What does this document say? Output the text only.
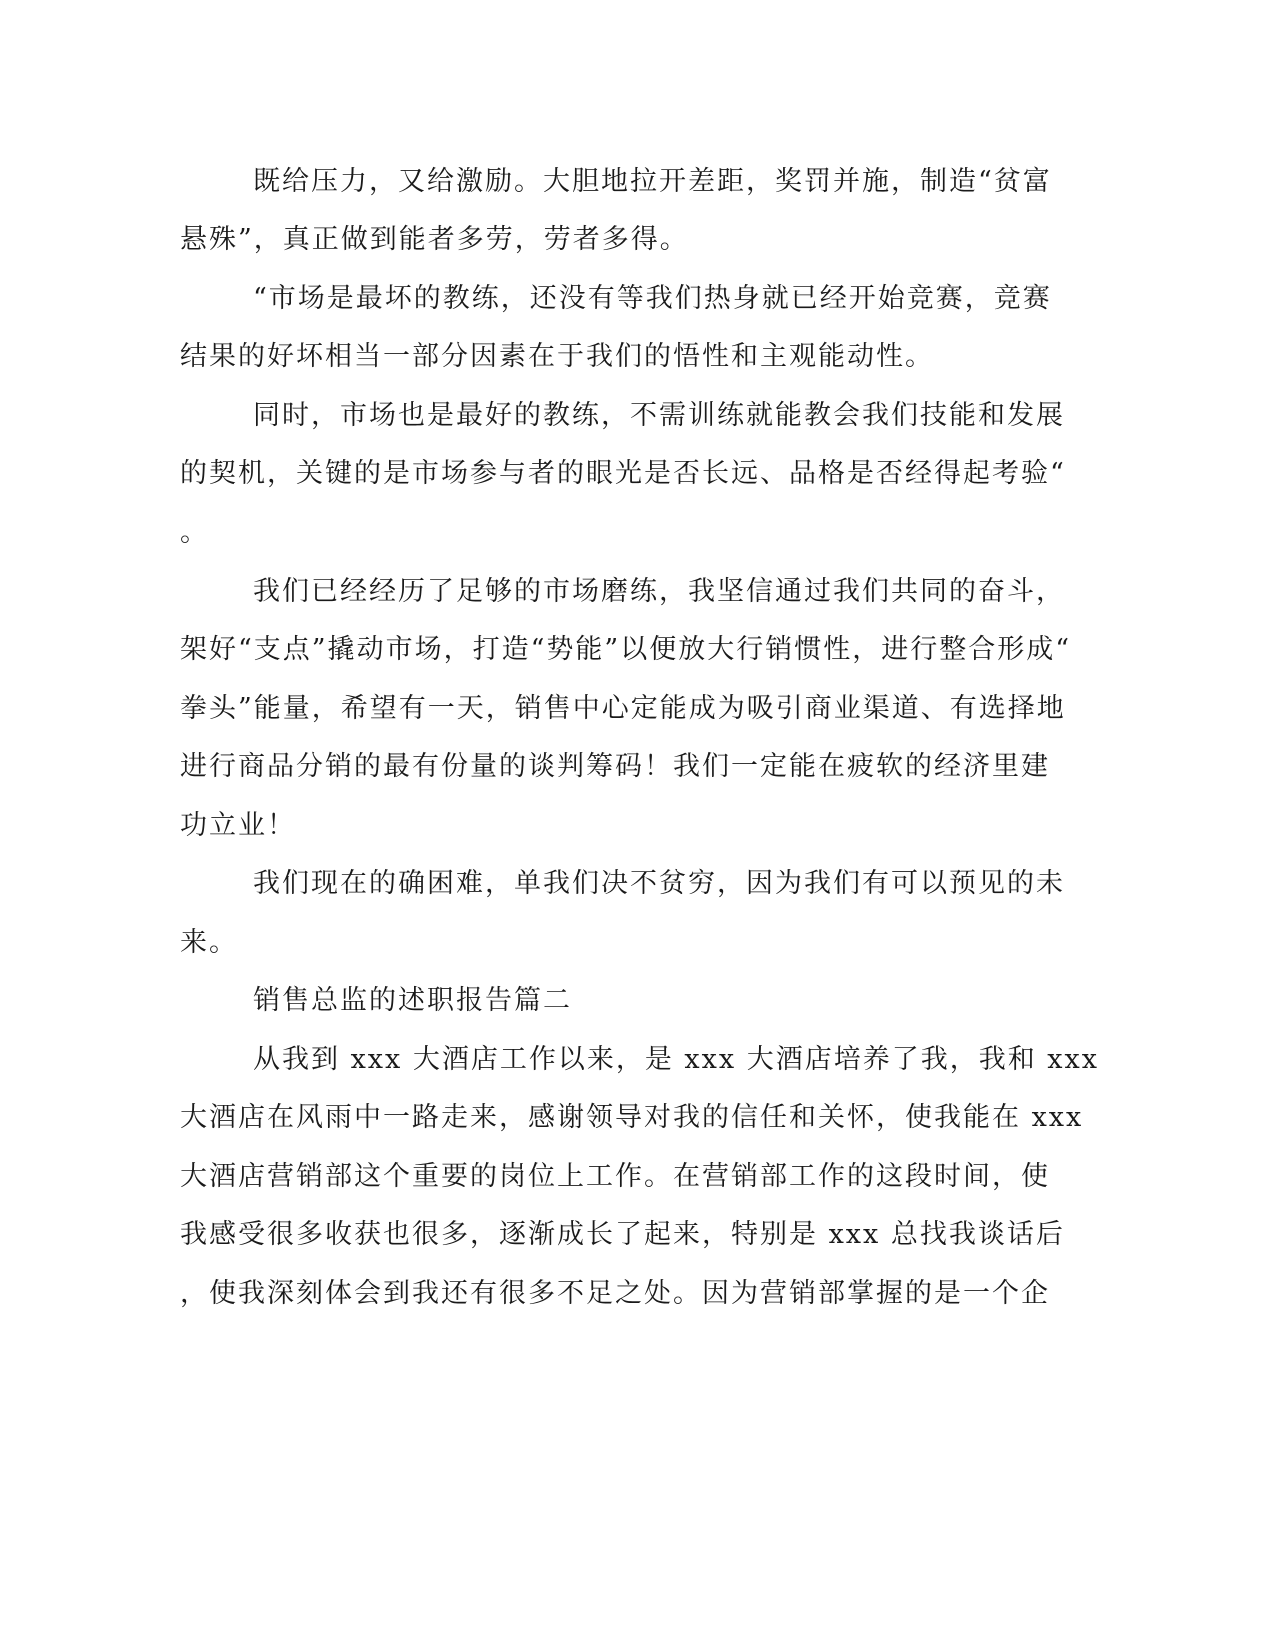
既给压力，又给激励。大胆地拉开差距，奖罚并施，制造“贫富

悬殊”，真正做到能者多劳，劳者多得。

“市场是最坏的教练，还没有等我们热身就已经开始竞赛，竞赛

结果的好坏相当一部分因素在于我们的悟性和主观能动性。

同时，市场也是最好的教练，不需训练就能教会我们技能和发展

的契机，关键的是市场参与者的眼光是否长远、品格是否经得起考验“

。

我们已经经历了足够的市场磨练，我坚信通过我们共同的奋斗，

架好“支点”撬动市场，打造“势能”以便放大行销惯性，进行整合形成“

拳头”能量，希望有一天，销售中心定能成为吸引商业渠道、有选择地

进行商品分销的最有份量的谈判筹码！我们一定能在疲软的经济里建

功立业！

我们现在的确困难，单我们决不贫穷，因为我们有可以预见的未

来。

销售总监的述职报告篇二

从我到 xxx 大酒店工作以来，是 xxx 大酒店培养了我，我和 xxx

大酒店在风雨中一路走来，感谢领导对我的信任和关怀，使我能在 xxx

大酒店营销部这个重要的岗位上工作。在营销部工作的这段时间，使

我感受很多收获也很多，逐渐成长了起来，特别是 xxx 总找我谈话后

，使我深刻体会到我还有很多不足之处。因为营销部掌握的是一个企
